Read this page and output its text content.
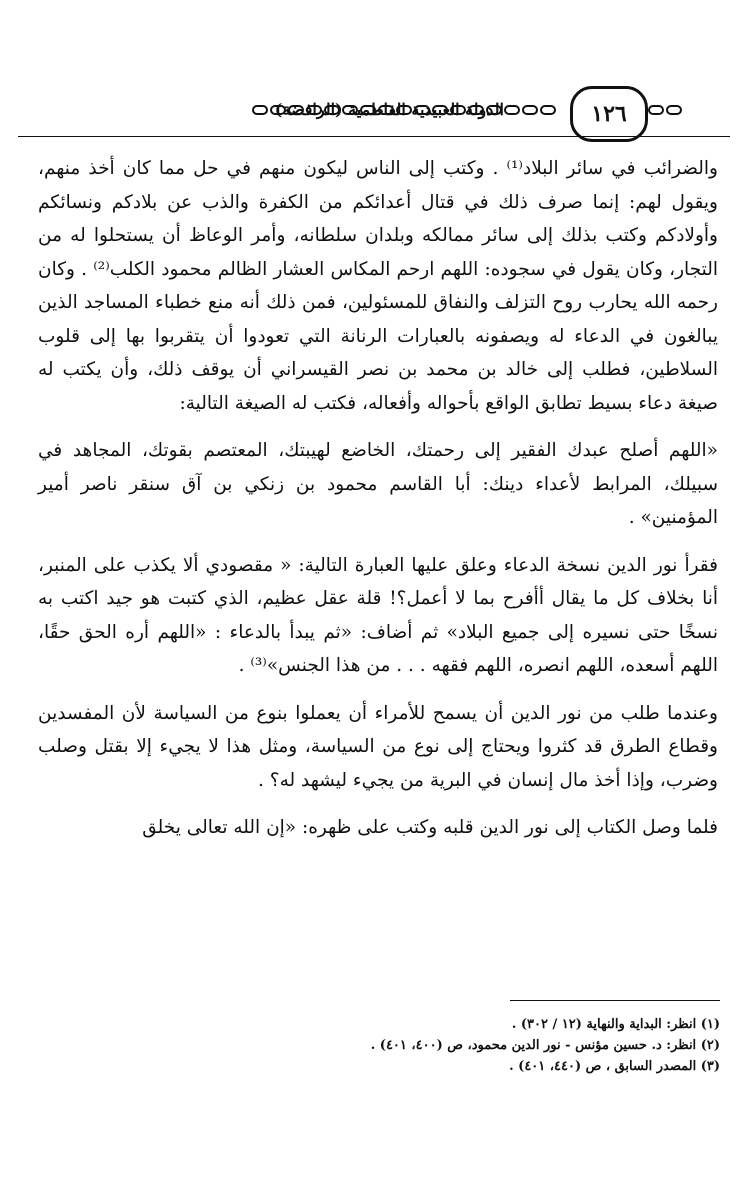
١٢٦
الدولة العبيدية الفاطمية (الرافضة)

والضرائب في سائر البلاد⁽¹⁾ . وكتب إلى الناس ليكون منهم في حل مما كان أخذ منهم، ويقول لهم: إنما صرف ذلك في قتال أعدائكم من الكفرة والذب عن بلادكم ونسائكم وأولادكم وكتب بذلك إلى سائر ممالكه وبلدان سلطانه، وأمر الوعاظ أن يستحلوا له من التجار، وكان يقول في سجوده: اللهم ارحم المكاس العشار الظالم محمود الكلب⁽²⁾ . وكان رحمه الله يحارب روح التزلف والنفاق للمسئولين، فمن ذلك أنه منع خطباء المساجد الذين يبالغون في الدعاء له ويصفونه بالعبارات الرنانة التي تعودوا أن يتقربوا بها إلى قلوب السلاطين، فطلب إلى خالد بن محمد بن نصر القيسراني أن يوقف ذلك، وأن يكتب له صيغة دعاء بسيط تطابق الواقع بأحواله وأفعاله، فكتب له الصيغة التالية:

«اللهم أصلح عبدك الفقير إلى رحمتك، الخاضع لهيبتك، المعتصم بقوتك، المجاهد في سبيلك، المرابط لأعداء دينك: أبا القاسم محمود بن زنكي بن آق سنقر ناصر أمير المؤمنين» .

فقرأ نور الدين نسخة الدعاء وعلق عليها العبارة التالية: « مقصودي ألا يكذب على المنبر، أنا بخلاف كل ما يقال أأفرح بما لا أعمل؟! قلة عقل عظيم، الذي كتبت هو جيد اكتب به نسخًا حتى نسيره إلى جميع البلاد» ثم أضاف: «ثم يبدأ بالدعاء : «اللهم أره الحق حقًا، اللهم أسعده، اللهم انصره، اللهم فقهه . . . من هذا الجنس»⁽³⁾ .

وعندما طلب من نور الدين أن يسمح للأمراء أن يعملوا بنوع من السياسة لأن المفسدين وقطاع الطرق قد كثروا ويحتاج إلى نوع من السياسة، ومثل هذا لا يجيء إلا بقتل وصلب وضرب، وإذا أخذ مال إنسان في البرية من يجيء ليشهد له؟ .

فلما وصل الكتاب إلى نور الدين قلبه وكتب على ظهره: «إن الله تعالى يخلق

(١) انظر: البداية والنهاية (١٢ / ٣٠٢) .
(٢) انظر: د. حسين مؤنس - نور الدين محمود، ص (٤٠٠، ٤٠١) .
(٣) المصدر السابق ، ص (٤٤٠، ٤٠١) .
